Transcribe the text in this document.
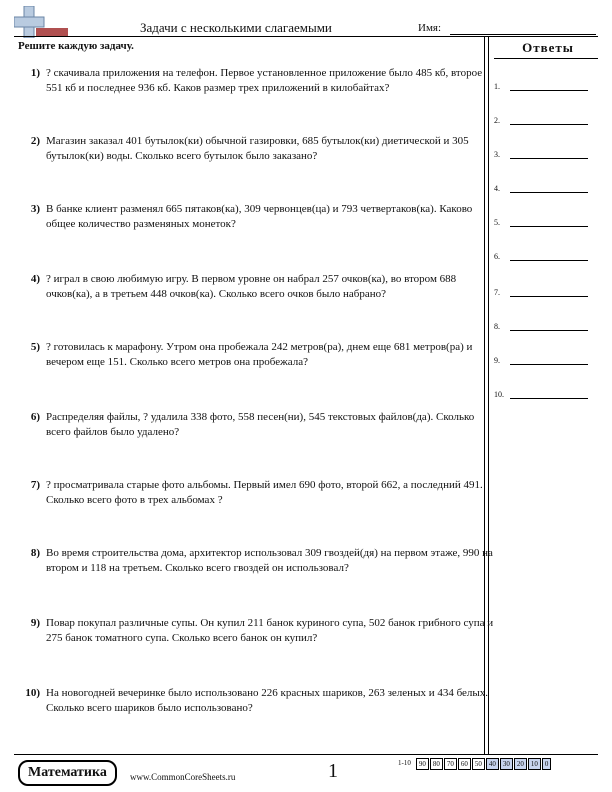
Задачи с несколькими слагаемыми	Имя:
Решите каждую задачу.
1) ? скачивала приложения на телефон. Первое установленное приложение было 485 кб, второе 551 кб и последнее 936 кб. Каков размер трех приложений в килобайтах?
2) Магазин заказал 401 бутылок(ки) обычной газировки, 685 бутылок(ки) диетической и 305 бутылок(ки) воды. Сколько всего бутылок было заказано?
3) В банке клиент разменял 665 пятаков(ка), 309 червонцев(ца) и 793 четвертаков(ка). Каково общее количество разменяных монеток?
4) ? играл в свою любимую игру. В первом уровне он набрал 257 очков(ка), во втором 688 очков(ка), а в третьем 448 очков(ка). Сколько всего очков было набрано?
5) ? готовилась к марафону. Утром она пробежала 242 метров(ра), днем еще 681 метров(ра) и вечером еще 151. Сколько всего метров она пробежала?
6) Распределяя файлы, ? удалила 338 фото, 558 песен(ни), 545 текстовых файлов(да). Сколько всего файлов было удалено?
7) ? просматривала старые фото альбомы. Первый имел 690 фото, второй 662, а последний 491. Сколько всего фото в трех альбомах ?
8) Во время строительства дома, архитектор использовал 309 гвоздей(дя) на первом этаже, 990 на втором и 118 на третьем. Сколько всего гвоздей он использовал?
9) Повар покупал различные супы. Он купил 211 банок куриного супа, 502 банок грибного супа и 275 банок томатного супа. Сколько всего банок он купил?
10) На новогодней вечеринке было использовано 226 красных шариков, 263 зеленых и 434 белых. Сколько всего шариков было использовано?
Ответы
1.
2.
3.
4.
5.
6.
7.
8.
9.
10.
Математика	www.CommonCoreSheets.ru	1	1-10	90	80	70	60	50	40	30	20	10	0
